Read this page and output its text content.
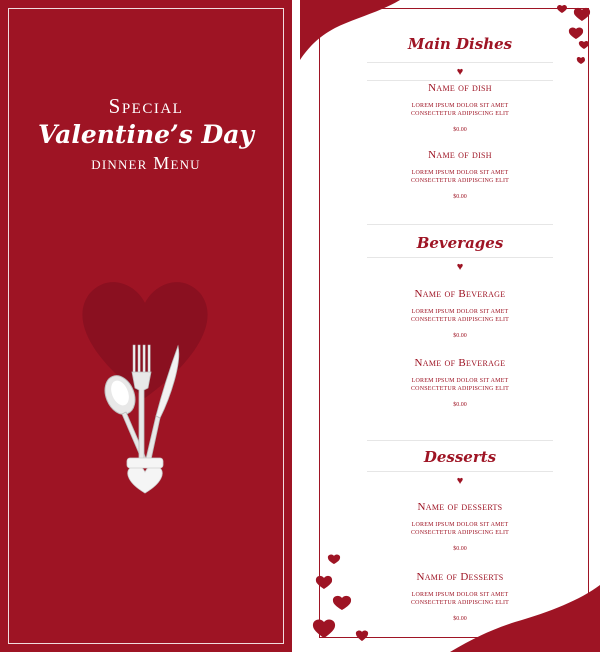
Special
Valentine’s Day
dinner Menu
Main Dishes
♥
Name of dish
LOREM IPSUM DOLOR SIT AMET
CONSECTETUR ADIPISCING ELIT
$0.00
Name of dish
LOREM IPSUM DOLOR SIT AMET
CONSECTETUR ADIPISCING ELIT
$0.00
Beverages
♥
Name of Beverage
LOREM IPSUM DOLOR SIT AMET
CONSECTETUR ADIPISCING ELIT
$0.00
Name of Beverage
LOREM IPSUM DOLOR SIT AMET
CONSECTETUR ADIPISCING ELIT
$0.00
Desserts
♥
Name of desserts
LOREM IPSUM DOLOR SIT AMET
CONSECTETUR ADIPISCING ELIT
$0.00
Name of Desserts
LOREM IPSUM DOLOR SIT AMET
CONSECTETUR ADIPISCING ELIT
$0.00
